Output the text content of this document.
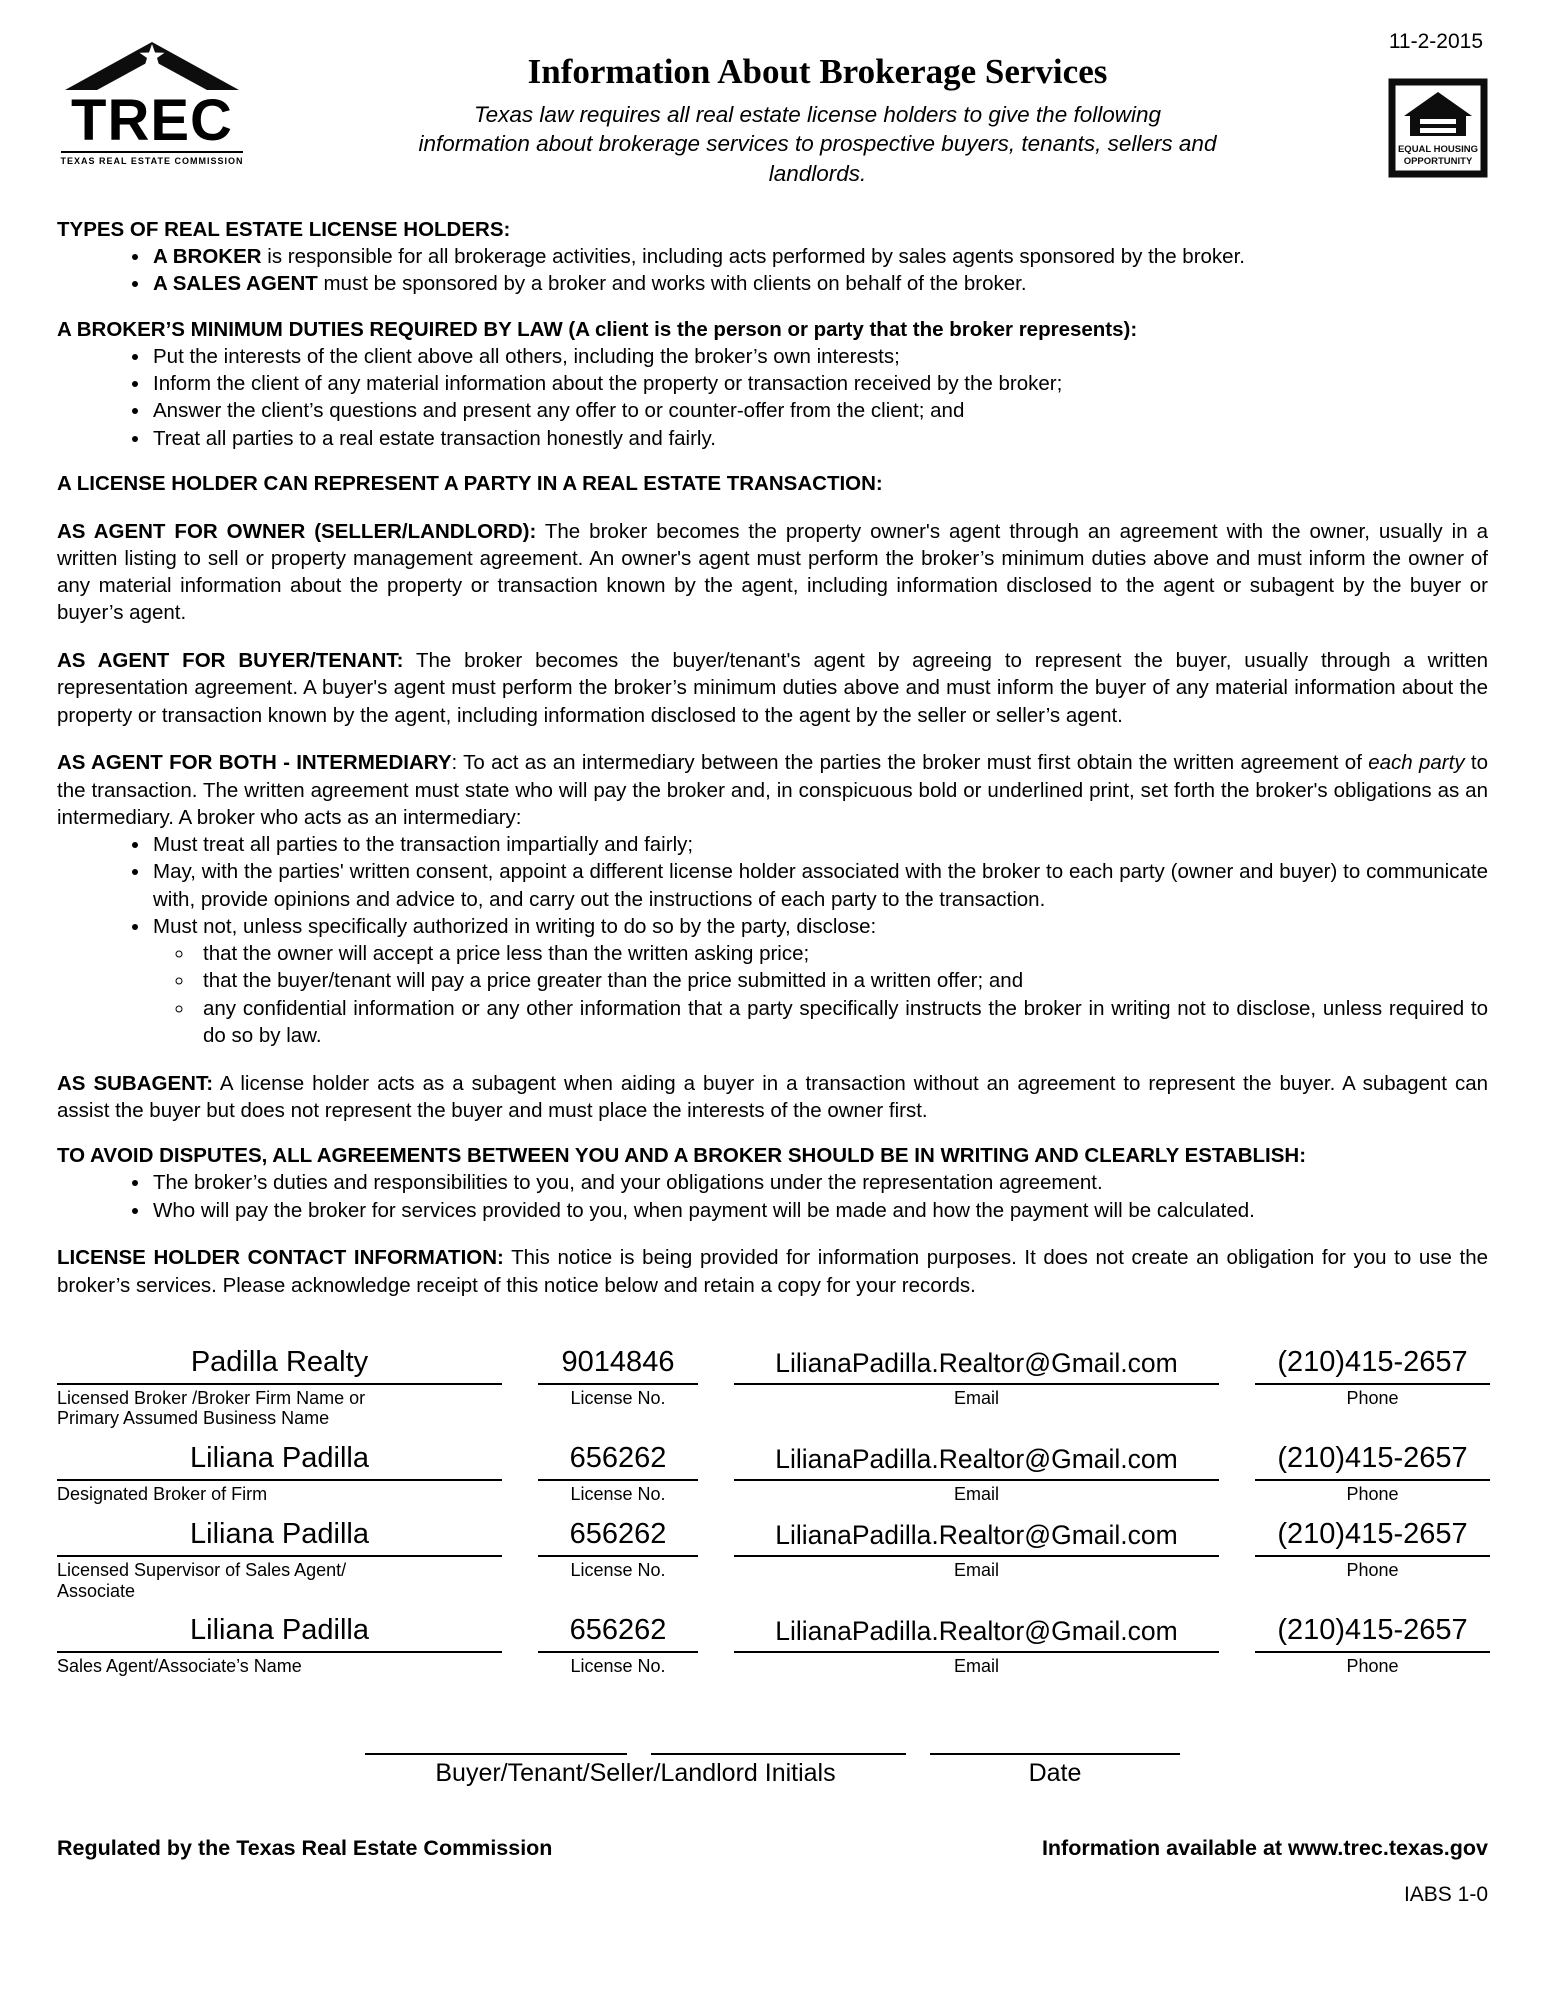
11-2-2015
TREC
TEXAS REAL ESTATE COMMISSION
Information About Brokerage Services
Texas law requires all real estate license holders to give the following information about brokerage services to prospective buyers, tenants, sellers and landlords.
EQUAL HOUSING
OPPORTUNITY
TYPES OF REAL ESTATE LICENSE HOLDERS:
• A BROKER is responsible for all brokerage activities, including acts performed by sales agents sponsored by the broker.
• A SALES AGENT must be sponsored by a broker and works with clients on behalf of the broker.
A BROKER’S MINIMUM DUTIES REQUIRED BY LAW (A client is the person or party that the broker represents):
• Put the interests of the client above all others, including the broker’s own interests;
• Inform the client of any material information about the property or transaction received by the broker;
• Answer the client’s questions and present any offer to or counter-offer from the client; and
• Treat all parties to a real estate transaction honestly and fairly.
A LICENSE HOLDER CAN REPRESENT A PARTY IN A REAL ESTATE TRANSACTION:

AS AGENT FOR OWNER (SELLER/LANDLORD): The broker becomes the property owner's agent through an agreement with the owner, usually in a written listing to sell or property management agreement. An owner's agent must perform the broker’s minimum duties above and must inform the owner of any material information about the property or transaction known by the agent, including information disclosed to the agent or subagent by the buyer or buyer’s agent.

AS AGENT FOR BUYER/TENANT: The broker becomes the buyer/tenant's agent by agreeing to represent the buyer, usually through a written representation agreement. A buyer's agent must perform the broker’s minimum duties above and must inform the buyer of any material information about the property or transaction known by the agent, including information disclosed to the agent by the seller or seller’s agent.

AS AGENT FOR BOTH - INTERMEDIARY: To act as an intermediary between the parties the broker must first obtain the written agreement of each party to the transaction. The written agreement must state who will pay the broker and, in conspicuous bold or underlined print, set forth the broker's obligations as an intermediary. A broker who acts as an intermediary:

• Must treat all parties to the transaction impartially and fairly;
• May, with the parties' written consent, appoint a different license holder associated with the broker to each party (owner and buyer) to communicate with, provide opinions and advice to, and carry out the instructions of each party to the transaction.
• Must not, unless specifically authorized in writing to do so by the party, disclose:
◦ that the owner will accept a price less than the written asking price;
◦ that the buyer/tenant will pay a price greater than the price submitted in a written offer; and
◦ any confidential information or any other information that a party specifically instructs the broker in writing not to disclose, unless required to do so by law.

AS SUBAGENT: A license holder acts as a subagent when aiding a buyer in a transaction without an agreement to represent the buyer. A subagent can assist the buyer but does not represent the buyer and must place the interests of the owner first.

TO AVOID DISPUTES, ALL AGREEMENTS BETWEEN YOU AND A BROKER SHOULD BE IN WRITING AND CLEARLY ESTABLISH:
• The broker’s duties and responsibilities to you, and your obligations under the representation agreement.
• Who will pay the broker for services provided to you, when payment will be made and how the payment will be calculated.

LICENSE HOLDER CONTACT INFORMATION: This notice is being provided for information purposes. It does not create an obligation for you to use the broker’s services. Please acknowledge receipt of this notice below and retain a copy for your records.

Padilla Realty
Licensed Broker /Broker Firm Name or Primary Assumed Business Name
9014846
License No.
LilianaPadilla.Realtor@Gmail.com
Email
(210)415-2657
Phone
Liliana Padilla
Designated Broker of Firm
656262
License No.
LilianaPadilla.Realtor@Gmail.com
Email
(210)415-2657
Phone
Liliana Padilla
Licensed Supervisor of Sales Agent/ Associate
656262
License No.
LilianaPadilla.Realtor@Gmail.com
Email
(210)415-2657
Phone
Liliana Padilla
Sales Agent/Associate’s Name
656262
License No.
LilianaPadilla.Realtor@Gmail.com
Email
(210)415-2657
Phone
Buyer/Tenant/Seller/Landlord Initials	Date
Regulated by the Texas Real Estate Commission	Information available at www.trec.texas.gov
IABS 1-0
